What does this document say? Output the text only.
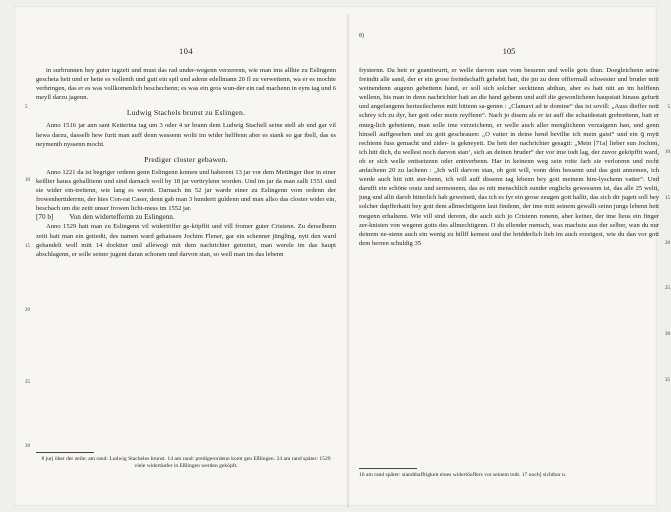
104
5
10
15
20
25
30

in surbrunnen bey guter tagzeit und must das rad under-wegenn verzerenn, wie man ims allhie zu Eslingenn gescheta hett und er hette es vollenth und gutt ein spil und adenn edellmann 20 fl zu verwettenn, wa er es mochte verbringen, das er es was vollkomenlich beschechenn; es was ein gros wun-der ein rad machenn in eym tag und 6 meyll darzu jagenn.

Ludwig Stachels brunst zu Eslingen.

Anno 1516 jar ann sant Ketterina tag um 3 oder 4 ur brann dem Ludwig Stachell seine stell ab und gar vil hewa darzu, dasselb hew furtt man auff denn wassenn wolti im wider helffenn aber es stank so gar ibell, das es neymenth nyssenn mocht.

Prediger closter gebawen.

Anno 1221 da ist begriger ordenn genn Eslingenn komen und haberent 13 jar vor dem Mettinger thor in einer keillter hauss gehalltienn und sind darnach woll by 18 jar verttrylenn worden. Und im jar da man zallt 1551 sind sie wider ein-trettenn, wie lang es werett. Darnach im 52 jar warde einer zu Eslingenn vom ordenn der frowenherttderrnn, der hies Con-rat Caser, denn gab man 3 hunderti guldenn und man allso das closter wider ein, beschach um die zeitt unser frowen licht-mess im 1552 jar.

[70 b] Von den widerteffernn zu Eslingenn.

Anno 1529 hatt man zu Eslingenn vil widertöffer ge-köpfftt und vill fromer guter Cristenn. Zu derselbenn zeitt hatt man ein gettedtt, des namen ward gehaissen Jochim Flener, gar ein schenner jüngling, nytt den ward gehandelt woll mitt 14 docktter und allewegi mit dem nachrichter getrettet, man werele im das haupt abschlagenn, er solle seiner jugent daran schonen und darvon stan, so well man im das lebenn

8 jurj über der zeile; am rand: Ludwig Stacheles brunst. 14 am rand: predigerordenn komt gen Eßlingen. 24 am rand später: 1529 viele widertäufer in Eßlingen werden geköpft.
105
5
10
15
20
25
30
35

frysternn. Da hett er geanttwurtt, er welle darvon stan vom bessenn und welle gots thun. Doegleichenn seine freindtt alle sand, der er ein grose freindschafft gehebtt hatt, die jm zu dem offtermall schwester und bruder mitt weinendenn augenn gebettenn hand, er soll sich solcher seckttenn abthun, aber es hatt nitt an im helffenn wellenn, bis man in denn nachrichter hatt an die hand gebenn und auff die gewonlichenn haupstatt hinaus gefurtt und angefangenn hertzeilechenn mitt bittenn sa-gennn : „Clamavi ad te domine“ das ist sovill: „Auss dieffer nott schrey ich zu dyr, her gott oder mein reyffenn“. Nach jo disem als er ist auff die schaidestatt grebrettenn, hatt er mueg-lich gebettenn, man solle ime verzeichenn, er welle auch aller menglichenn verzaigenn han, und genn hinsell auffgesehen und zu gott geschrauen: „O vatter in deine hend bevilhe ich mein gaist“ und ein ꝯ mytt rechtenn fuss gemacht und zider- is gekneyett. Da hett der nachrichter gesagtt: „Mein [71a] lieber sun Jochim, ich hitt dich, du wellest noch darvon stan‘, sich an deinen bruder“ der vor ime todt lag, der zuvor geköpfftt ward, ob er sich welle enttsetzenn oder enttverbenn. Har in keinenn weg sein rotte farb sie verlorenn und recht anfachenn 20 zu lachenn : „Ich will darvon stan, ob gott will, vonn dém bessenn und das gutt annemen, ich werde auch hitt nitt ster-benn, ich will auff dissenn tag lebenn bey gott meinem him-lyschenn vatter“. Und darufft ein schöne oratz und sermonenn, das es nitt menschlich sunder englichs gewessenn ist, das alle 25 weltt, jung und alltt darob bitterlich hab geweinett, das ich es fyr ein grose zeugen gott halltt, das sich dir jugett soll bey solcher dapfferkaitt bey gott dem allmechtigenn laut findenn, der ime mitt seinem gewallt seinn jungs lebenn hett megenn erhaltenn. Wie vill sind derenn, die auch sich jo Cristenn ronenn, aber keiner, der ime lieus ein finger zer-knisten von wegenn gotts des allmechtigenn. O du ellender mensch, was machstu aus der selber, wan du nur deinem ne-stenn auch ein wenig zu hillff kemest und the brtdderlich lieb im auch erzeigest, wie du dan vor gott dem herren schuldig 35

8)
16 am rand später: standthafftigkeit eines widertöuffers vor seinem todt. 17 noch] sichtbar n.
